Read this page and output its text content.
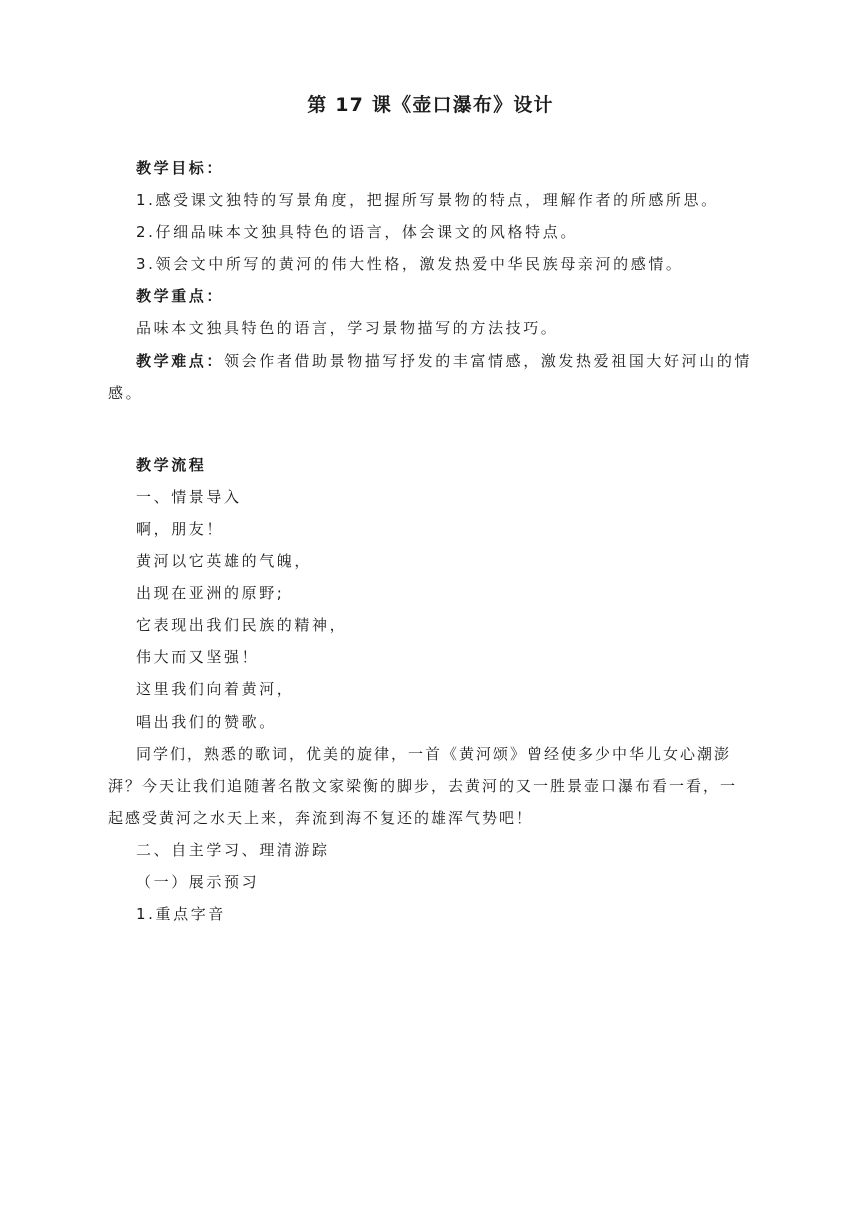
第 17 课《壶口瀑布》设计

教学目标：

1.感受课文独特的写景角度，把握所写景物的特点，理解作者的所感所思。

2.仔细品味本文独具特色的语言，体会课文的风格特点。

3.领会文中所写的黄河的伟大性格，激发热爱中华民族母亲河的感情。

教学重点：

品味本文独具特色的语言，学习景物描写的方法技巧。

教学难点：领会作者借助景物描写抒发的丰富情感，激发热爱祖国大好河山的情感。

教学流程

一、情景导入

啊，朋友！

黄河以它英雄的气魄，

出现在亚洲的原野;

它表现出我们民族的精神，

伟大而又坚强！

这里我们向着黄河，

唱出我们的赞歌。

同学们，熟悉的歌词，优美的旋律，一首《黄河颂》曾经使多少中华儿女心潮澎湃？今天让我们追随著名散文家梁衡的脚步，去黄河的又一胜景壶口瀑布看一看，一起感受黄河之水天上来，奔流到海不复还的雄浑气势吧！

二、自主学习、理清游踪

（一）展示预习

1.重点字音
